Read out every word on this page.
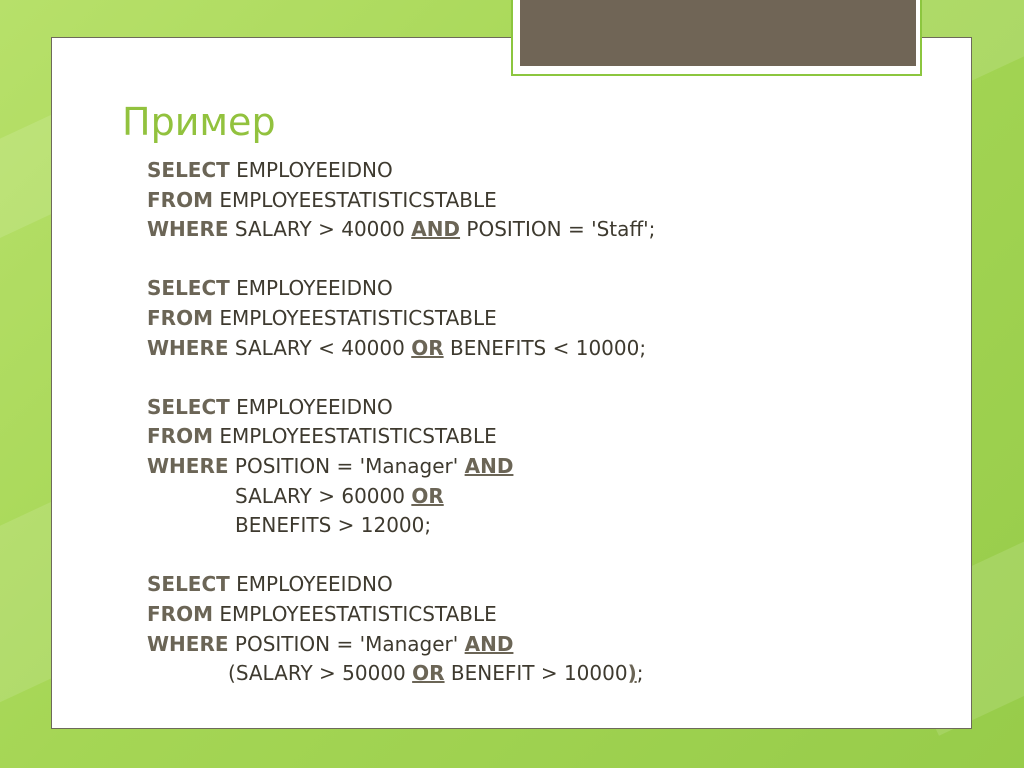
Пример
SELECT EMPLOYEEIDNO
FROM EMPLOYEESTATISTICSTABLE
WHERE SALARY > 40000 AND POSITION = 'Staff';
SELECT EMPLOYEEIDNO
FROM EMPLOYEESTATISTICSTABLE
WHERE SALARY < 40000 OR BENEFITS < 10000;
SELECT EMPLOYEEIDNO
FROM EMPLOYEESTATISTICSTABLE
WHERE POSITION = 'Manager' AND
SALARY > 60000 OR
BENEFITS > 12000;
SELECT EMPLOYEEIDNO
FROM EMPLOYEESTATISTICSTABLE
WHERE POSITION = 'Manager' AND
(SALARY > 50000 OR BENEFIT > 10000);
